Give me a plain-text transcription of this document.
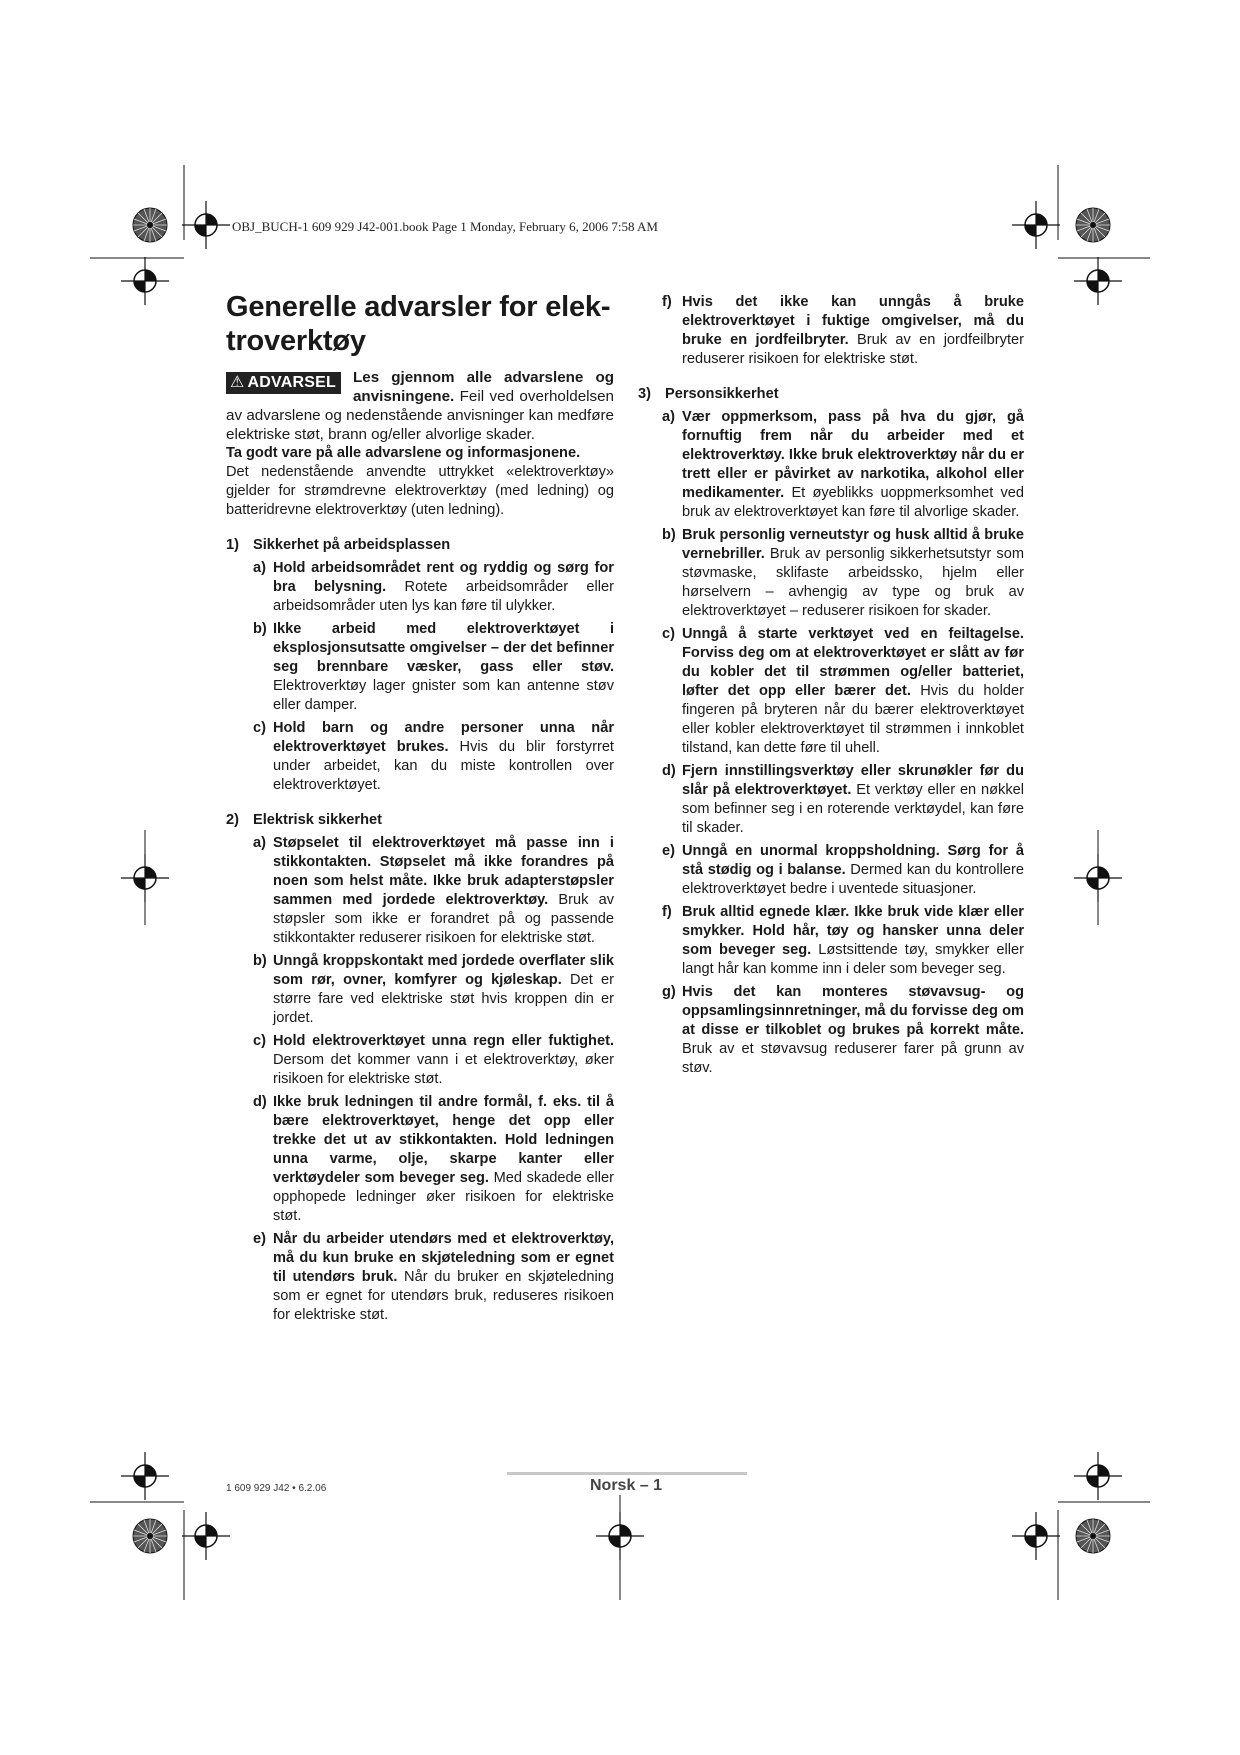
OBJ_BUCH-1 609 929 J42-001.book Page 1 Monday, February 6, 2006 7:58 AM
Generelle advarsler for elek-troverktøy
⚠ ADVARSEL	Les gjennom alle advarslene og anvisningene. Feil ved overholdelsen av advarslene og nedenstående anvisninger kan medføre elektriske støt, brann og/eller alvorlige skader.

Ta godt vare på alle advarslene og informasjonene.

Det nedenstående anvendte uttrykket «elektroverktøy» gjelder for strømdrevne elektroverktøy (med ledning) og batteridrevne elektroverktøy (uten ledning).

1) Sikkerhet på arbeidsplassen
a) Hold arbeidsområdet rent og ryddig og sørg for bra belysning. Rotete arbeidsområder eller arbeidsområder uten lys kan føre til ulykker.
b) Ikke arbeid med elektroverktøyet i eksplosjonsutsatte omgivelser – der det befinner seg brennbare væsker, gass eller støv. Elektroverktøy lager gnister som kan antenne støv eller damper.
c) Hold barn og andre personer unna når elektroverktøyet brukes. Hvis du blir forstyrret under arbeidet, kan du miste kontrollen over elektroverktøyet.
2) Elektrisk sikkerhet
a) Støpselet til elektroverktøyet må passe inn i stikkontakten. Støpselet må ikke forandres på noen som helst måte. Ikke bruk adapterstøpsler sammen med jordede elektroverktøy. Bruk av støpsler som ikke er forandret på og passende stikkontakter reduserer risikoen for elektriske støt.
b) Unngå kroppskontakt med jordede overflater slik som rør, ovner, komfyrer og kjøleskap. Det er større fare ved elektriske støt hvis kroppen din er jordet.
c) Hold elektroverktøyet unna regn eller fuktighet. Dersom det kommer vann i et elektroverktøy, øker risikoen for elektriske støt.
d) Ikke bruk ledningen til andre formål, f. eks. til å bære elektroverktøyet, henge det opp eller trekke det ut av stikkontakten. Hold ledningen unna varme, olje, skarpe kanter eller verktøydeler som beveger seg. Med skadede eller opphopede ledninger øker risikoen for elektriske støt.
e) Når du arbeider utendørs med et elektroverktøy, må du kun bruke en skjøteledning som er egnet til utendørs bruk. Når du bruker en skjøteledning som er egnet for utendørs bruk, reduseres risikoen for elektriske støt.
f) Hvis det ikke kan unngås å bruke elektroverktøyet i fuktige omgivelser, må du bruke en jordfeilbryter. Bruk av en jordfeilbryter reduserer risikoen for elektriske støt.
3) Personsikkerhet
a) Vær oppmerksom, pass på hva du gjør, gå fornuftig frem når du arbeider med et elektroverktøy. Ikke bruk elektroverktøy når du er trett eller er påvirket av narkotika, alkohol eller medikamenter. Et øyeblikks uoppmerksomhet ved bruk av elektroverktøyet kan føre til alvorlige skader.
b) Bruk personlig verneutstyr og husk alltid å bruke vernebriller. Bruk av personlig sikkerhetsutstyr som støvmaske, sklifaste arbeidssko, hjelm eller hørselvern – avhengig av type og bruk av elektroverktøyet – reduserer risikoen for skader.
c) Unngå å starte verktøyet ved en feiltagelse. Forviss deg om at elektroverktøyet er slått av før du kobler det til strømmen og/eller batteriet, løfter det opp eller bærer det. Hvis du holder fingeren på bryteren når du bærer elektroverktøyet eller kobler elektroverktøyet til strømmen i innkoblet tilstand, kan dette føre til uhell.
d) Fjern innstillingsverktøy eller skrunøkler før du slår på elektroverktøyet. Et verktøy eller en nøkkel som befinner seg i en roterende verktøydel, kan føre til skader.
e) Unngå en unormal kroppsholdning. Sørg for å stå stødig og i balanse. Dermed kan du kontrollere elektroverktøyet bedre i uventede situasjoner.
f) Bruk alltid egnede klær. Ikke bruk vide klær eller smykker. Hold hår, tøy og hansker unna deler som beveger seg. Løstsittende tøy, smykker eller langt hår kan komme inn i deler som beveger seg.
g) Hvis det kan monteres støvavsug- og oppsamlingsinnretninger, må du forvisse deg om at disse er tilkoblet og brukes på korrekt måte. Bruk av et støvavsug reduserer farer på grunn av støv.
1 609 929 J42 • 6.2.06	Norsk – 1
